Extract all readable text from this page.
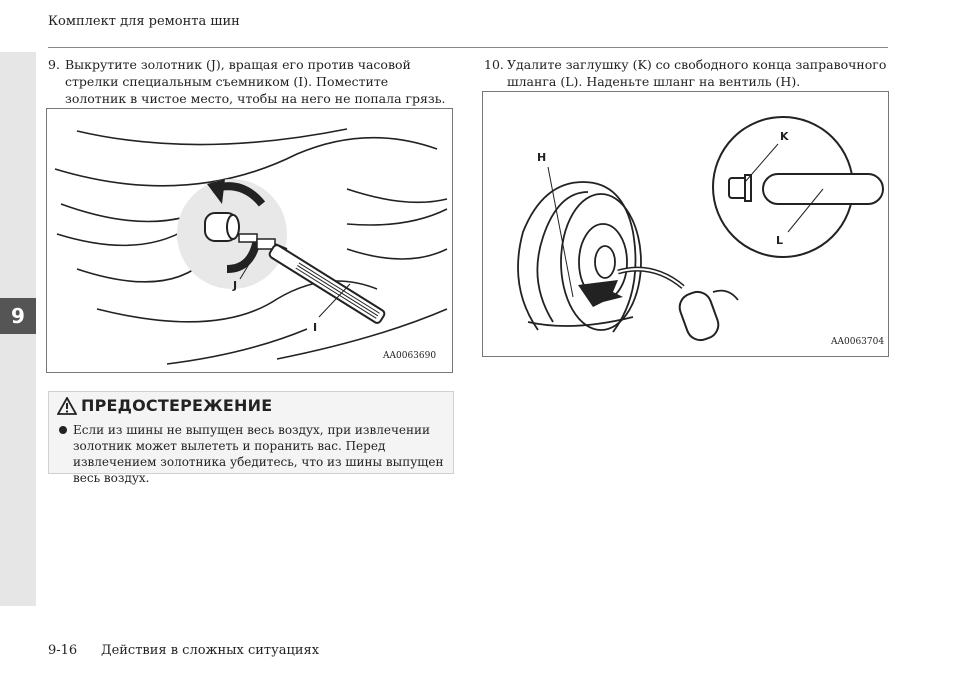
9
Комплект для ремонта шин
9. Выкрутите золотник (J), вращая его против часовой стрелки специальным съемником (I). Поместите золотник в чистое место, чтобы на него не попала грязь.
10. Удалите заглушку (K) со свободного конца заправочного шланга (L). Наденьте шланг на вентиль (H).
J
I
AA0063690
H
K
L
AA0063704
ПРЕДОСТЕРЕЖЕНИЕ
Если из шины не выпущен весь воздух, при извлечении золотник может вылететь и поранить вас. Перед извлечением золотника убедитесь, что из шины выпущен весь воздух.
9-16 Действия в сложных ситуациях
